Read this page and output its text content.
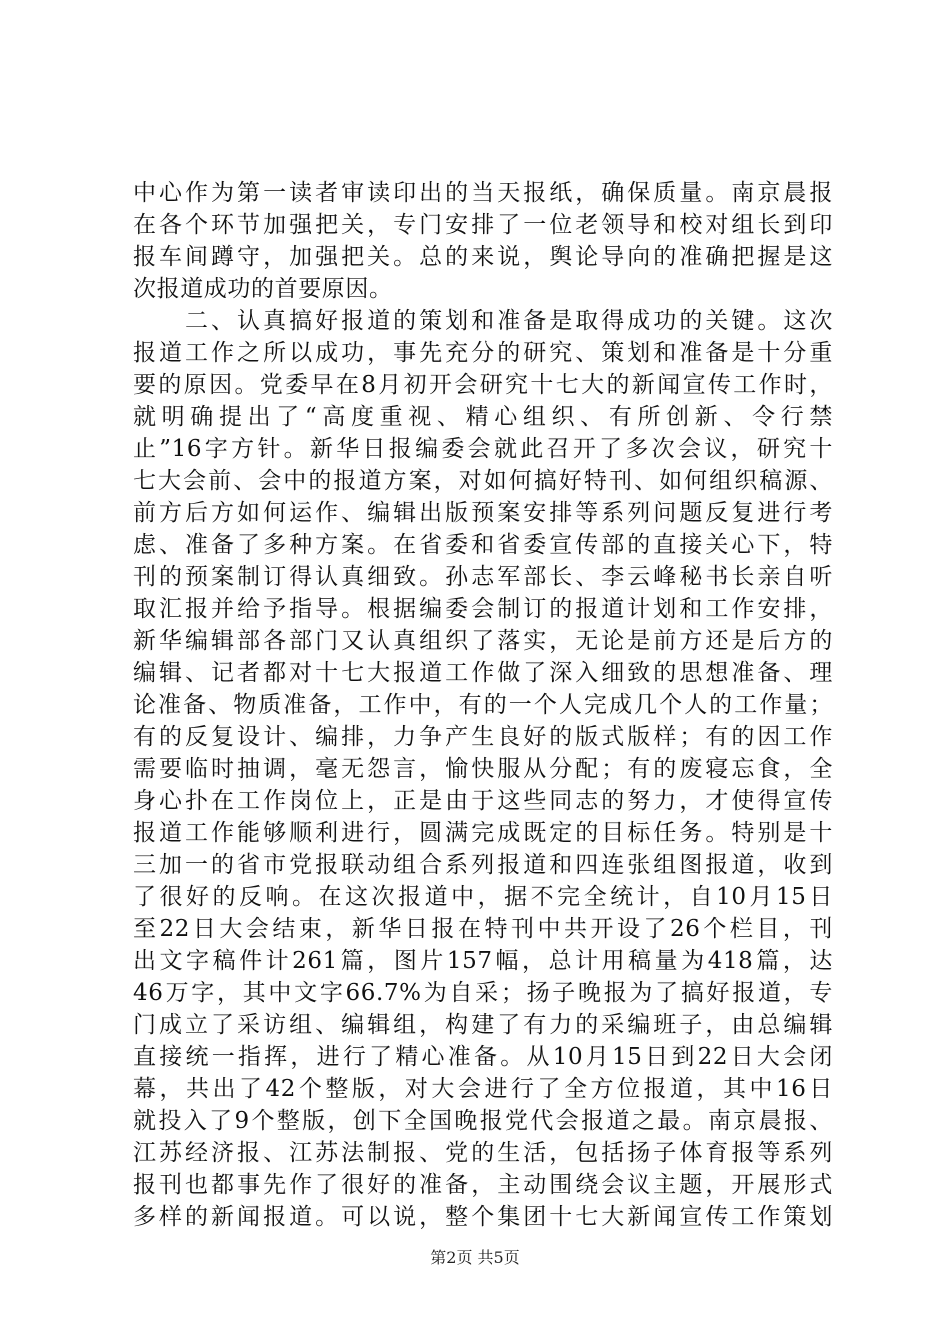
中心作为第一读者审读印出的当天报纸，确保质量。南京晨报
在各个环节加强把关，专门安排了一位老领导和校对组长到印
报车间蹲守，加强把关。总的来说，舆论导向的准确把握是这
次报道成功的首要原因。
　　二、认真搞好报道的策划和准备是取得成功的关键。这次
报道工作之所以成功，事先充分的研究、策划和准备是十分重
要的原因。党委早在8月初开会研究十七大的新闻宣传工作时，
就明确提出了“高度重视、精心组织、有所创新、令行禁
止”16字方针。新华日报编委会就此召开了多次会议，研究十
七大会前、会中的报道方案，对如何搞好特刊、如何组织稿源、
前方后方如何运作、编辑出版预案安排等系列问题反复进行考
虑、准备了多种方案。在省委和省委宣传部的直接关心下，特
刊的预案制订得认真细致。孙志军部长、李云峰秘书长亲自听
取汇报并给予指导。根据编委会制订的报道计划和工作安排，
新华编辑部各部门又认真组织了落实，无论是前方还是后方的
编辑、记者都对十七大报道工作做了深入细致的思想准备、理
论准备、物质准备，工作中，有的一个人完成几个人的工作量；
有的反复设计、编排，力争产生良好的版式版样；有的因工作
需要临时抽调，毫无怨言，愉快服从分配；有的废寝忘食，全
身心扑在工作岗位上，正是由于这些同志的努力，才使得宣传
报道工作能够顺利进行，圆满完成既定的目标任务。特别是十
三加一的省市党报联动组合系列报道和四连张组图报道，收到
了很好的反响。在这次报道中，据不完全统计，自10月15日
至22日大会结束，新华日报在特刊中共开设了26个栏目，刊
出文字稿件计261篇，图片157幅，总计用稿量为418篇，达
46万字，其中文字66.7%为自采；扬子晚报为了搞好报道，专
门成立了采访组、编辑组，构建了有力的采编班子，由总编辑
直接统一指挥，进行了精心准备。从10月15日到22日大会闭
幕，共出了42个整版，对大会进行了全方位报道，其中16日
就投入了9个整版，创下全国晚报党代会报道之最。南京晨报、
江苏经济报、江苏法制报、党的生活，包括扬子体育报等系列
报刊也都事先作了很好的准备，主动围绕会议主题，开展形式
多样的新闻报道。可以说，整个集团十七大新闻宣传工作策划
第2页 共5页
